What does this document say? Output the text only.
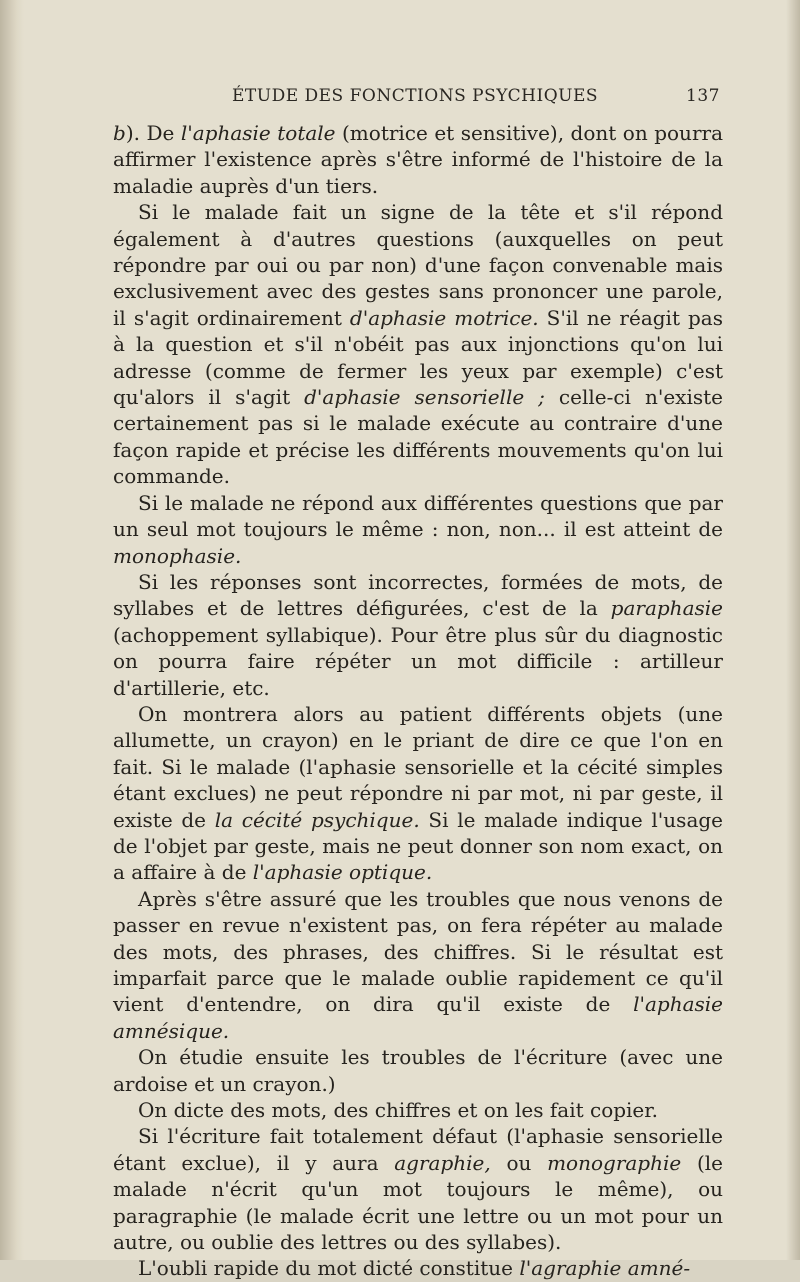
ÉTUDE DES FONCTIONS PSYCHIQUES	137

b). De l'aphasie totale (motrice et sensitive), dont on pourra affirmer l'existence après s'être informé de l'histoire de la maladie auprès d'un tiers.

Si le malade fait un signe de la tête et s'il répond également à d'autres questions (auxquelles on peut répondre par oui ou par non) d'une façon convenable mais exclusivement avec des gestes sans prononcer une parole, il s'agit ordinairement d'aphasie motrice. S'il ne réagit pas à la question et s'il n'obéit pas aux injonctions qu'on lui adresse (comme de fermer les yeux par exemple) c'est qu'alors il s'agit d'aphasie sensorielle ; celle-ci n'existe certainement pas si le malade exécute au contraire d'une façon rapide et précise les différents mouvements qu'on lui commande.

Si le malade ne répond aux différentes questions que par un seul mot toujours le même : non, non... il est atteint de monophasie.

Si les réponses sont incorrectes, formées de mots, de syllabes et de lettres défigurées, c'est de la paraphasie (achoppement syllabique). Pour être plus sûr du diagnostic on pourra faire répéter un mot difficile : artilleur d'artillerie, etc.

On montrera alors au patient différents objets (une allumette, un crayon) en le priant de dire ce que l'on en fait. Si le malade (l'aphasie sensorielle et la cécité simples étant exclues) ne peut répondre ni par mot, ni par geste, il existe de la cécité psychique. Si le malade indique l'usage de l'objet par geste, mais ne peut donner son nom exact, on a affaire à de l'aphasie optique.

Après s'être assuré que les troubles que nous venons de passer en revue n'existent pas, on fera répéter au malade des mots, des phrases, des chiffres. Si le résultat est imparfait parce que le malade oublie rapidement ce qu'il vient d'entendre, on dira qu'il existe de l'aphasie amnésique.

On étudie ensuite les troubles de l'écriture (avec une ardoise et un crayon.)

On dicte des mots, des chiffres et on les fait copier.

Si l'écriture fait totalement défaut (l'aphasie sensorielle étant exclue), il y aura agraphie, ou monographie (le malade n'écrit qu'un mot toujours le même), ou paragraphie (le malade écrit une lettre ou un mot pour un autre, ou oublie des lettres ou des syllabes).

L'oubli rapide du mot dicté constitue l'agraphie amné-
